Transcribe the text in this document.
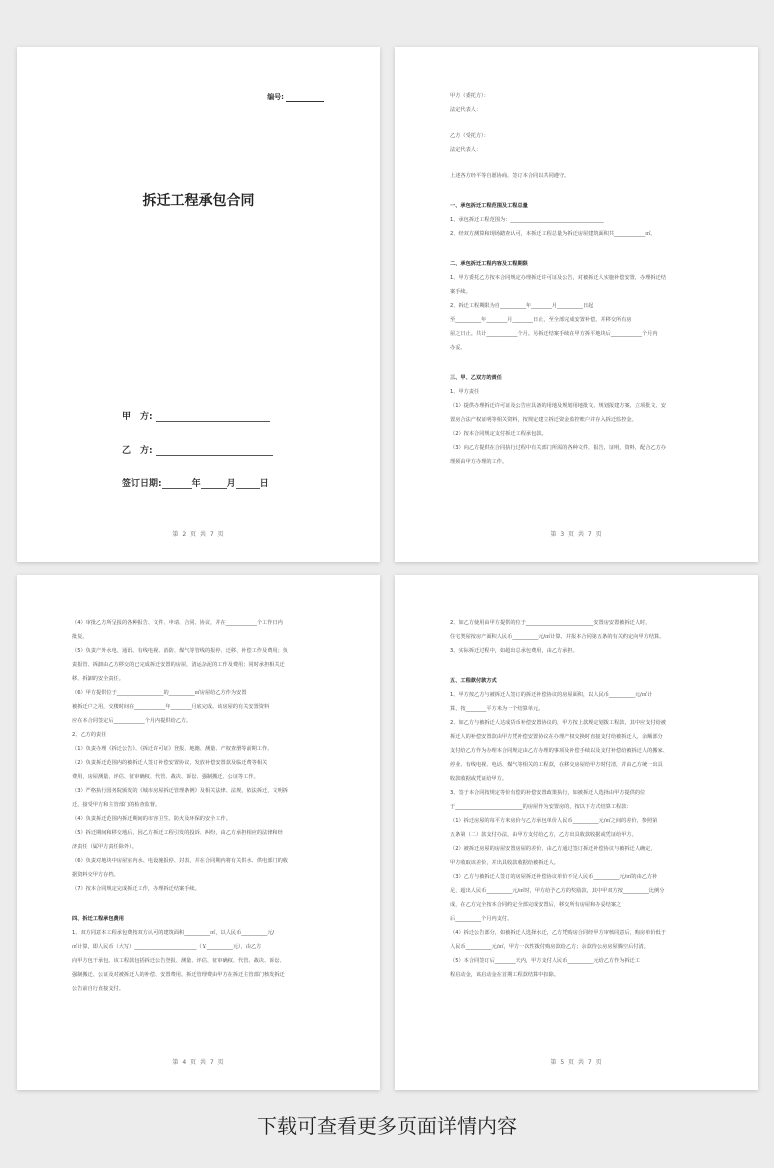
编号:
拆迁工程承包合同
甲　方:
乙　方:
签订日期:	年	月	日
第 2 页 共 7 页

甲方（委托方）：

法定代表人：

乙方（受托方）：

法定代表人：

上述各方经平等自愿协商，签订本合同以共同遵守。

一、承包拆迁工程范围及工程总量

1、承包拆迁工程范围为：____________________________________

2、经双方测算和现场踏查认可，本拆迁工程总量为拆迁房屋建筑面积共____________㎡。

二、承包拆迁工程内容及工程期限

1、甲方委托乙方按本合同规定办理拆迁许可证及公告，对被拆迁人实施补偿安置，办理拆迁结

案手续。

2、拆迁工程期限为自__________年________月__________日起

至__________年________月________日止，至全部完成安置补偿，并移交所有房

屋之日止。共计____________个月。另拆迁结案手续在甲方拆平地块后____________个月内

办妥。

三、甲、乙双方的责任

1、甲方责任

（1）提供办理拆迁许可证及公告应具备的用地及规划用地批文、规划报建方案、立项批文、安

置房合法产权证明等相关资料，按规定建立拆迁资金监控账户并存入拆迁监控金。

（2）按本合同规定支付拆迁工程承包款。

（3）向乙方提供在合同执行过程中有关部门所需的各种文件，报告，证明，资料，配合乙方办

理须由甲方办理的工作。

第 3 页 共 7 页

（4）审批乙方所呈报的各种报告、文件、申请、合同、协议，并在____________个工作日内

批复。

（5）负责产外水电、通讯、有线电视、消防、煤气等管线的报停、迁移、补偿工作及费用；负

责报管、拆卸由乙方移交的已完成拆迁安置的房屋，清运杂泥的工作及费用；同时承担相关迁

移、拆卸的安全责任。

（6）甲方提供位于__________________的__________㎡房屋给乙方作为安置

被拆迁户之用，交楼时间在____________年________月底完成。该房屋的有关安置资料

应在本合同签定后____________个月内提供给乙方。

2、乙方的责任

（1）负责办理《拆迁公告》、《拆迁许可证》登报、地籍、测量、产权查册等前期工作。

（2）负责拆迁范围内的被拆迁人签订补偿安置协议，发放补偿安置款及临迁费等相关

费用，房屋测量、评估、征审确权、代管、裁决、诉讼、强制搬迁、公证等工作。

（3）严格执行国务院颁发的《城市房屋拆迁管理条例》及相关法律、法规，依法拆迁，文明拆

迁，接受甲方和主管部门的检查监督。

（4）负责拆迁范围内拆迁期间的市容卫生、防火及环保的安全工作。

（5）拆迁期间和移交地后，因乙方拆迁工程引发的投诉、纠纷，由乙方承担相应的法律和经

济责任（属甲方责任除外）。

（6）负责对地块中房屋室内水、电设施报停、封表，并在合同期内将有关供水、供电部门的收

据资料交甲方存档。

（7）按本合同规定完成拆迁工作，办理拆迁结案手续。

四、拆迁工程承包费用

1、双方同意本工程承包费按双方认可的建筑面积__________㎡，以人民币__________元/

㎡计算，即人民币（大写）________________________（￥__________元），由乙方

向甲方包干承包。该工程款包括拆迁公告登报、测量、评估、征审确权、代管、裁决、诉讼、

强制搬迁、公证及对被拆迁人的补偿、安置费用。拆迁管理费由甲方在拆迁主管部门核发拆迁

公告前自行直接支付。

第 4 页 共 7 页

2、如乙方使用由甲方提供的位于__________________________安置房安置被拆迁人时，

住宅类屋按房产面积人民币__________元/㎡计算，并报本合同第五条的有关约定向甲方结算。

3、实际拆迁过程中，如超出总承包费用，由乙方承担。

五、工程款付款方式

1、甲方按乙方与被拆迁人签订的拆迁补偿协议的房屋面积，以人民币__________元/㎡计

算，按________平方米为一个结算单元。

2、如乙方与被拆迁人达成货币补偿安置协议的，甲方按上款规定划拨工程款，其中应支付给被

拆迁人的补偿安置款由甲方凭补偿安置协议在办理产权交换时直接支付给被拆迁人，余额部分

支付给乙方作为办理本合同规定由乙方办理的事项及补偿手续以及支付补偿给被拆迁人的搬家、

停业、有线电视、电话、煤气等相关的工程款，在移交房屋给甲方时付清，并由乙方统一出具

收款收据或凭证给甲方。

3、签于本合同按规定等价有偿的补偿安置政策执行，如被拆迁人选择由甲方提供的位

于__________________________的房屋作为安置房的，按以下方式结算工程款：

（1）拆迁房屋的每平方米房价与乙方承包单价人民币__________元/㎡之间的差价，参照第

五条第（二）款支付办法，由甲方支付给乙方，乙方出具收款收据或凭证给甲方。

（2）被拆迁房屋的房屋安置房屋的差价，由乙方通过签订拆迁补偿协议与被拆迁人确定，

甲方收取该差价，并出具收款收据给被拆迁人。

（3）乙方与被拆迁人签订的房屋拆迁补偿协议单价不足人民币__________元/㎡的由乙方补

足，超出人民币__________元/㎡时，甲方给予乙方的奖励款，其中甲双方按__________比例分

成，在乙方完全按本合同约定全部完成安置后，移交所有房屋和办妥结案之

后__________个月内支付。

（4）拆迁公告部分，如被拆迁人选择水迁，乙方凭购房合同经甲方审核同意后，购房单价低于

人民币__________元/㎡，甲方一次性拨付购房款给乙方；余款待公房房屋腾空后付清。

（5）本合同签订后________天内，甲方支付人民币__________元给乙方作为拆迁工

程启动金，该启动金在首期工程款结算中扣除。

第 5 页 共 7 页
下载可查看更多页面详情内容
